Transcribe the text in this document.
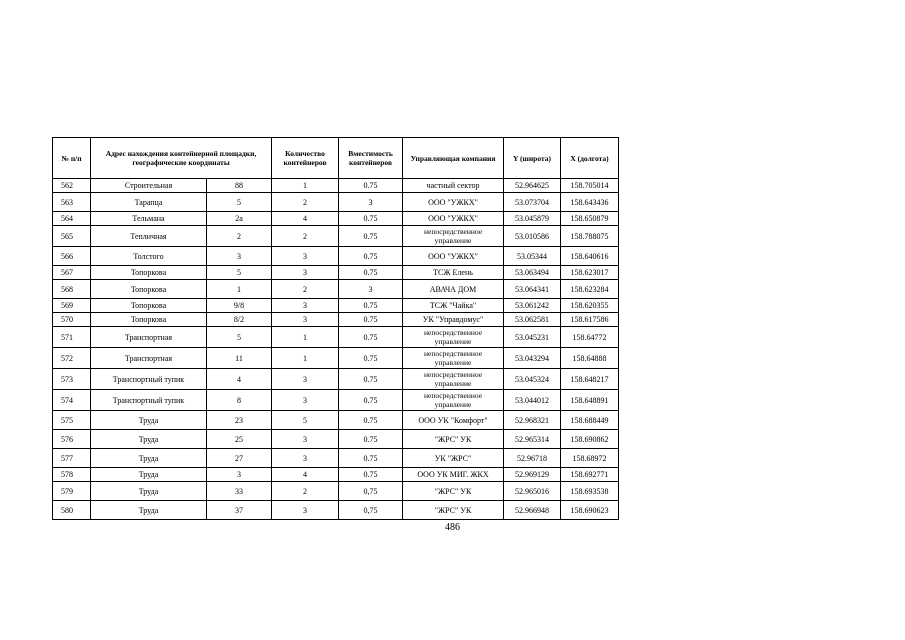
№ п/п	Адрес нахождения контейнерной площадки, географические координаты		Количество контейнеров	Вместимость контейнеров	Управляющая компания	Y (широта)	X (долгота)
562	Строительная	88	1	0.75	частный сектор	52.964625	158.705014
563	Тарапца	5	2	3	ООО "УЖКХ"	53.073704	158.643436
564	Тельмана	2а	4	0.75	ООО "УЖКХ"	53.045879	158.650879
565	Тепличная	2	2	0.75	непосредственное управление	53.010586	158.788075
566	Толстого	3	3	0.75	ООО "УЖКХ"	53.05344	158.640616
567	Топоркова	5	3	0.75	ТСЖ Елень	53.063494	158.623017
568	Топоркова	1	2	3	АВАЧА ДОМ	53.064341	158.623284
569	Топоркова	9/8	3	0.75	ТСЖ "Чайка"	53.061242	158.620355
570	Топоркова	8/2	3	0.75	УК "Управдомус"	53.062581	158.617586
571	Транспортная	5	1	0.75	непосредственное управление	53.045231	158.64772
572	Транспортная	11	1	0.75	непосредственное управление	53.043294	158.64888
573	Транспортный тупик	4	3	0.75	непосредственное управление	53.045324	158.648217
574	Транспортный тупик	8	3	0.75	непосредственное управление	53.044012	158.648891
575	Труда	23	5	0.75	ООО УК "Комфорт"	52.968321	158.688449
576	Труда	25	3	0.75	"ЖРС" УК	52.965314	158.690862
577	Труда	27	3	0.75	УК "ЖРС"	52.96718	158.68972
578	Труда	3	4	0.75	ООО УК МИГ. ЖКХ	52.969129	158.692771
579	Труда	33	2	0,75	"ЖРС" УК	52.965016	158.693538
580	Труда	37	3	0,75	"ЖРС" УК	52.966948	158.690623
486
